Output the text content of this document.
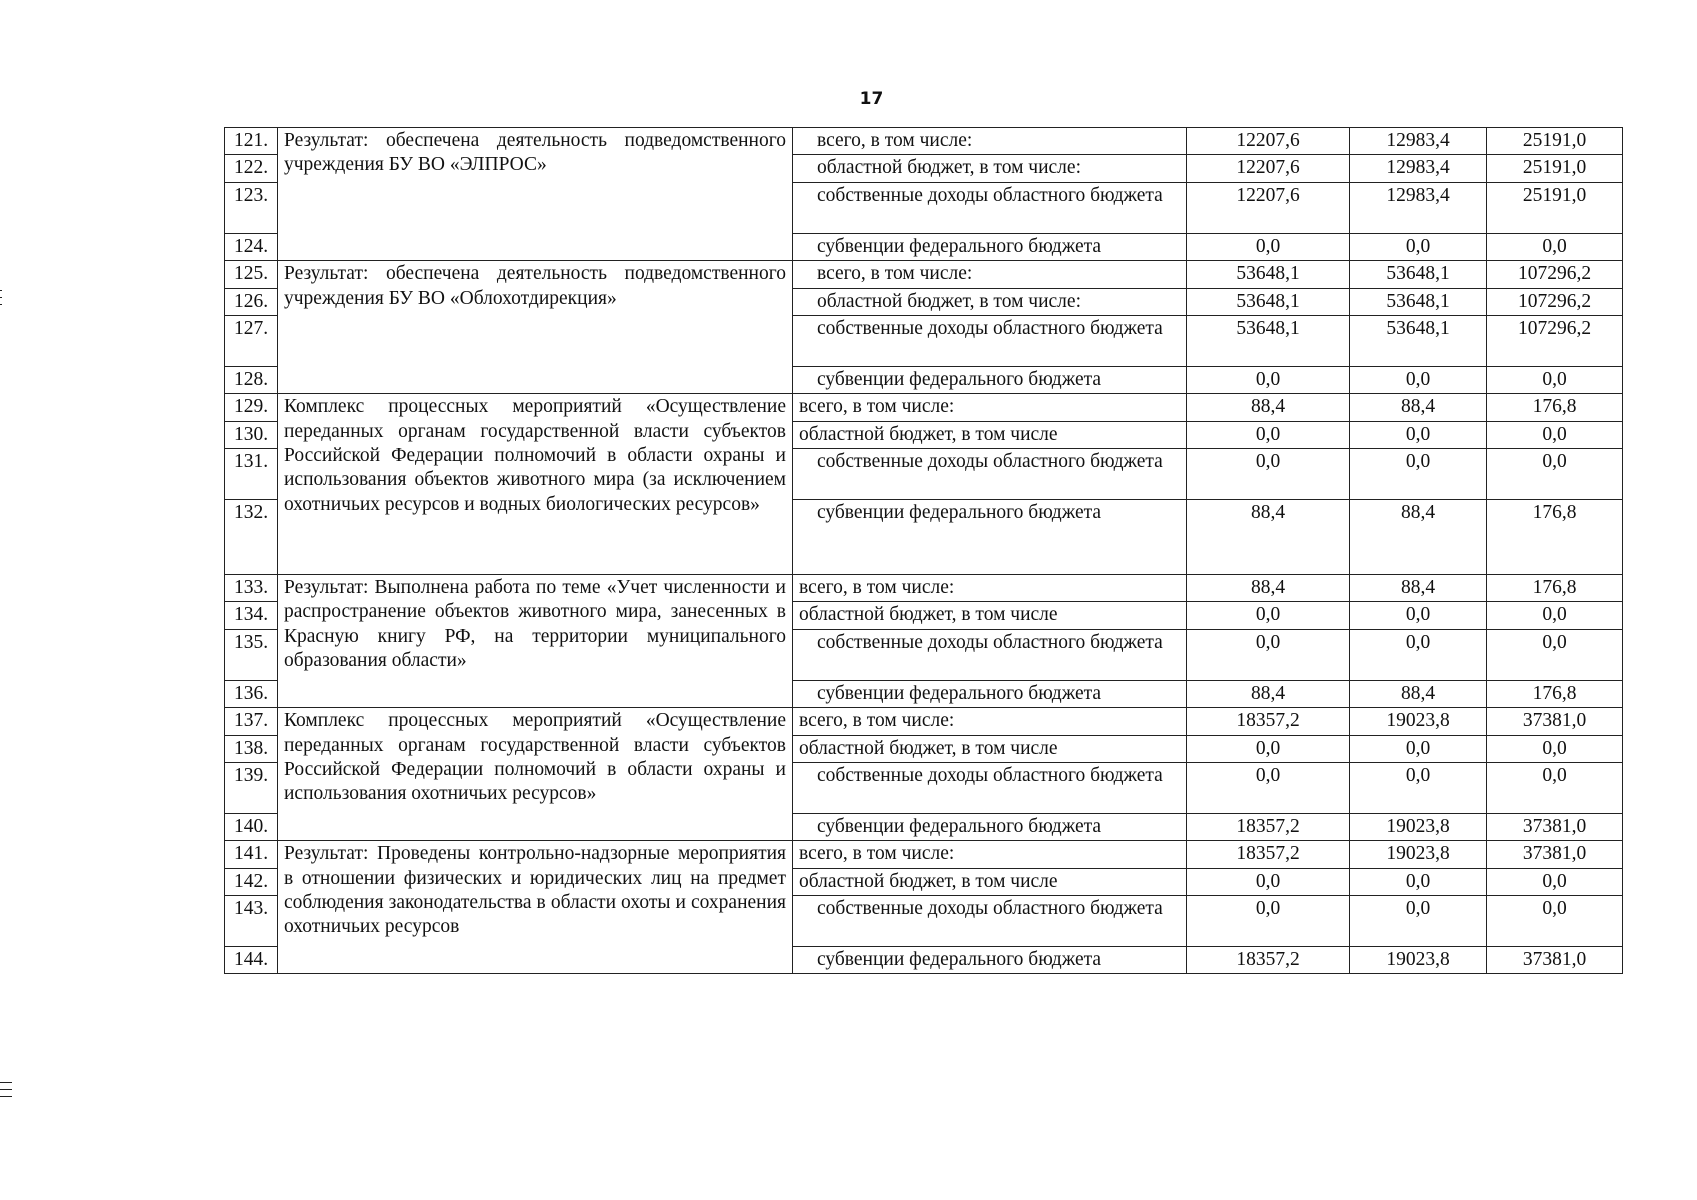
17
121.	Результат: обеспечена деятельность подведомственного учреждения БУ ВО «ЭЛПРОС»	всего, в том числе:	12207,6	12983,4	25191,0
122.		областной бюджет, в том числе:	12207,6	12983,4	25191,0
123.		собственные доходы областного бюджета	12207,6	12983,4	25191,0
124.		субвенции федерального бюджета	0,0	0,0	0,0
125.	Результат: обеспечена деятельность подведомственного учреждения БУ ВО «Облохотдирекция»	всего, в том числе:	53648,1	53648,1	107296,2
126.		областной бюджет, в том числе:	53648,1	53648,1	107296,2
127.		собственные доходы областного бюджета	53648,1	53648,1	107296,2
128.		субвенции федерального бюджета	0,0	0,0	0,0
129.	Комплекс процессных мероприятий «Осуществление переданных органам государственной власти субъектов Российской Федерации полномочий в области охраны и использования объектов животного мира (за исключением охотничьих ресурсов и водных биологических ресурсов»	всего, в том числе:	88,4	88,4	176,8
130.		областной бюджет, в том числе	0,0	0,0	0,0
131.		собственные доходы областного бюджета	0,0	0,0	0,0
132.		субвенции федерального бюджета	88,4	88,4	176,8
133.	Результат: Выполнена работа по теме «Учет численности и распространение объектов животного мира, занесенных в Красную книгу РФ, на территории муниципального образования области»	всего, в том числе:	88,4	88,4	176,8
134.		областной бюджет, в том числе	0,0	0,0	0,0
135.		собственные доходы областного бюджета	0,0	0,0	0,0
136.		субвенции федерального бюджета	88,4	88,4	176,8
137.	Комплекс процессных мероприятий «Осуществление переданных органам государственной власти субъектов Российской Федерации полномочий в области охраны и использования охотничьих ресурсов»	всего, в том числе:	18357,2	19023,8	37381,0
138.		областной бюджет, в том числе	0,0	0,0	0,0
139.		собственные доходы областного бюджета	0,0	0,0	0,0
140.		субвенции федерального бюджета	18357,2	19023,8	37381,0
141.	Результат: Проведены контрольно-надзорные мероприятия в отношении физических и юридических лиц на предмет соблюдения законодательства в области охоты и сохранения охотничьих ресурсов	всего, в том числе:	18357,2	19023,8	37381,0
142.		областной бюджет, в том числе	0,0	0,0	0,0
143.		собственные доходы областного бюджета	0,0	0,0	0,0
144.		субвенции федерального бюджета	18357,2	19023,8	37381,0
